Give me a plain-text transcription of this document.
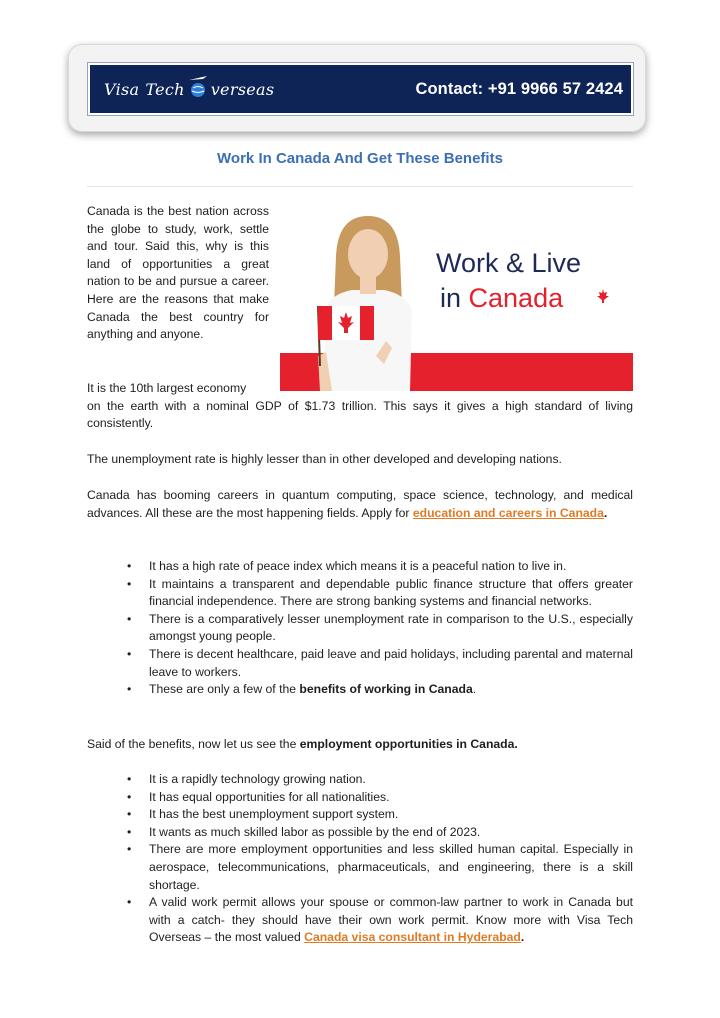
Visa Tech verseas	Contact: +91 9966 57 2424
Work In Canada And Get These Benefits
Canada is the best nation across the globe to study, work, settle and tour. Said this, why is this land of opportunities a great nation to be and pursue a career. Here are the reasons that make Canada the best country for anything and anyone.
Work & Live
in Canada
It is the 10th largest economy
on the earth with a nominal GDP of $1.73 trillion. This says it gives a high standard of living consistently.

The unemployment rate is highly lesser than in other developed and developing nations.

Canada has booming careers in quantum computing, space science, technology, and medical advances. All these are the most happening fields. Apply for education and careers in Canada.

• It has a high rate of peace index which means it is a peaceful nation to live in.
• It maintains a transparent and dependable public finance structure that offers greater financial independence. There are strong banking systems and financial networks.
• There is a comparatively lesser unemployment rate in comparison to the U.S., especially amongst young people.
• There is decent healthcare, paid leave and paid holidays, including parental and maternal leave to workers.
• These are only a few of the benefits of working in Canada.

Said of the benefits, now let us see the employment opportunities in Canada.

• It is a rapidly technology growing nation.
• It has equal opportunities for all nationalities.
• It has the best unemployment support system.
• It wants as much skilled labor as possible by the end of 2023.
• There are more employment opportunities and less skilled human capital. Especially in aerospace, telecommunications, pharmaceuticals, and engineering, there is a skill shortage.
• A valid work permit allows your spouse or common-law partner to work in Canada but with a catch- they should have their own work permit. Know more with Visa Tech Overseas – the most valued Canada visa consultant in Hyderabad.
